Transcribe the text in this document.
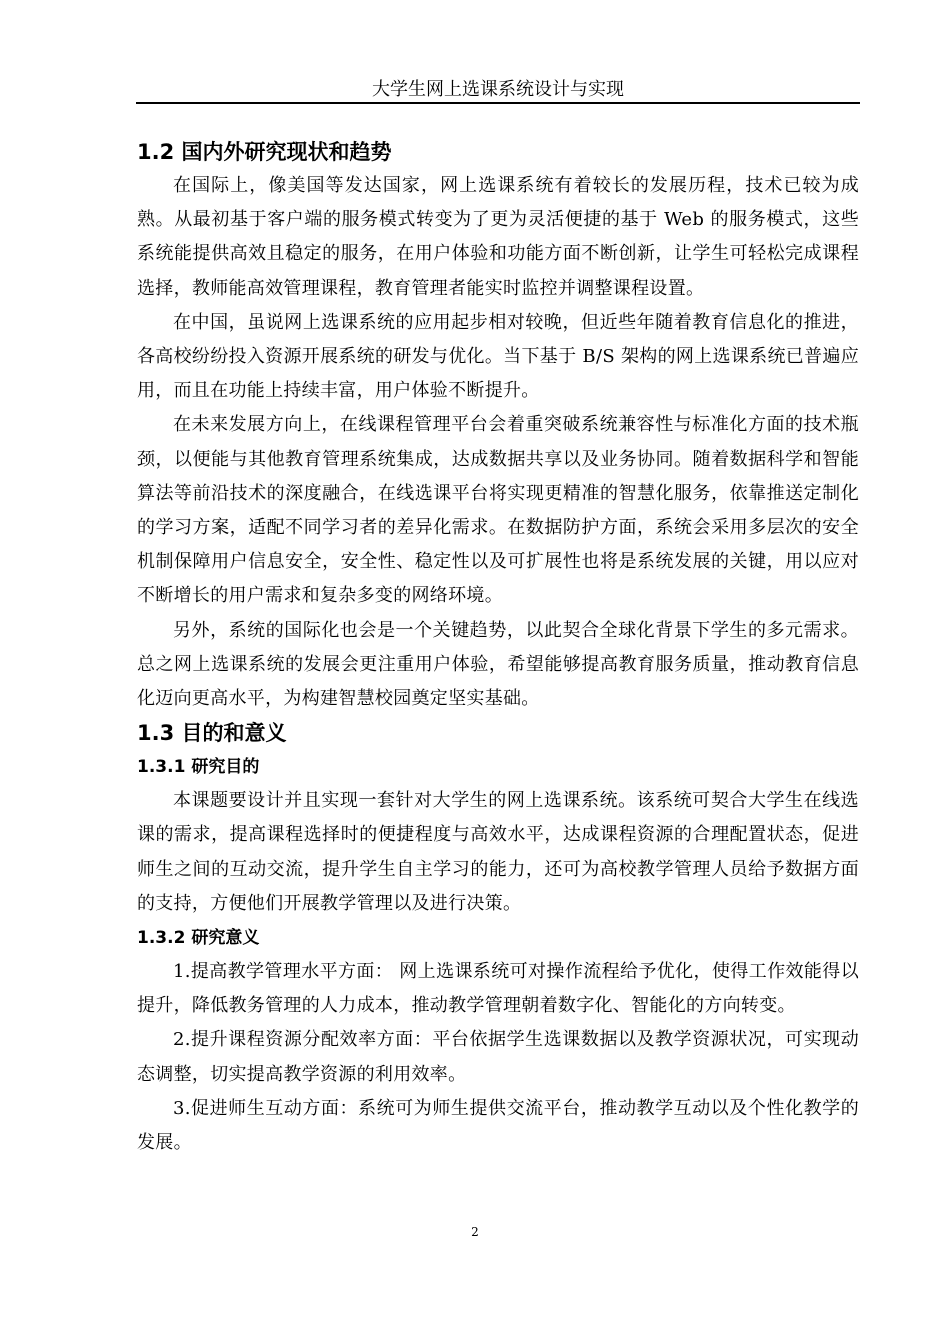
大学生网上选课系统设计与实现
1.2 国内外研究现状和趋势

在国际上，像美国等发达国家，网上选课系统有着较长的发展历程，技术已较为成熟。从最初基于客户端的服务模式转变为了更为灵活便捷的基于 Web 的服务模式，这些系统能提供高效且稳定的服务，在用户体验和功能方面不断创新，让学生可轻松完成课程选择，教师能高效管理课程，教育管理者能实时监控并调整课程设置。

在中国，虽说网上选课系统的应用起步相对较晚，但近些年随着教育信息化的推进，各高校纷纷投入资源开展系统的研发与优化。当下基于 B/S 架构的网上选课系统已普遍应用，而且在功能上持续丰富，用户体验不断提升。

在未来发展方向上，在线课程管理平台会着重突破系统兼容性与标准化方面的技术瓶颈，以便能与其他教育管理系统集成，达成数据共享以及业务协同。随着数据科学和智能算法等前沿技术的深度融合，在线选课平台将实现更精准的智慧化服务，依靠推送定制化的学习方案，适配不同学习者的差异化需求。在数据防护方面，系统会采用多层次的安全机制保障用户信息安全，安全性、稳定性以及可扩展性也将是系统发展的关键，用以应对不断增长的用户需求和复杂多变的网络环境。

另外，系统的国际化也会是一个关键趋势，以此契合全球化背景下学生的多元需求。总之网上选课系统的发展会更注重用户体验，希望能够提高教育服务质量，推动教育信息化迈向更高水平，为构建智慧校园奠定坚实基础。

1.3 目的和意义
1.3.1 研究目的

本课题要设计并且实现一套针对大学生的网上选课系统。该系统可契合大学生在线选课的需求，提高课程选择时的便捷程度与高效水平，达成课程资源的合理配置状态，促进师生之间的互动交流，提升学生自主学习的能力，还可为高校教学管理人员给予数据方面的支持，方便他们开展教学管理以及进行决策。

1.3.2 研究意义

1.提高教学管理水平方面： 网上选课系统可对操作流程给予优化，使得工作效能得以提升，降低教务管理的人力成本，推动教学管理朝着数字化、智能化的方向转变。

2.提升课程资源分配效率方面：平台依据学生选课数据以及教学资源状况，可实现动态调整，切实提高教学资源的利用效率。

3.促进师生互动方面：系统可为师生提供交流平台，推动教学互动以及个性化教学的发展。

2
